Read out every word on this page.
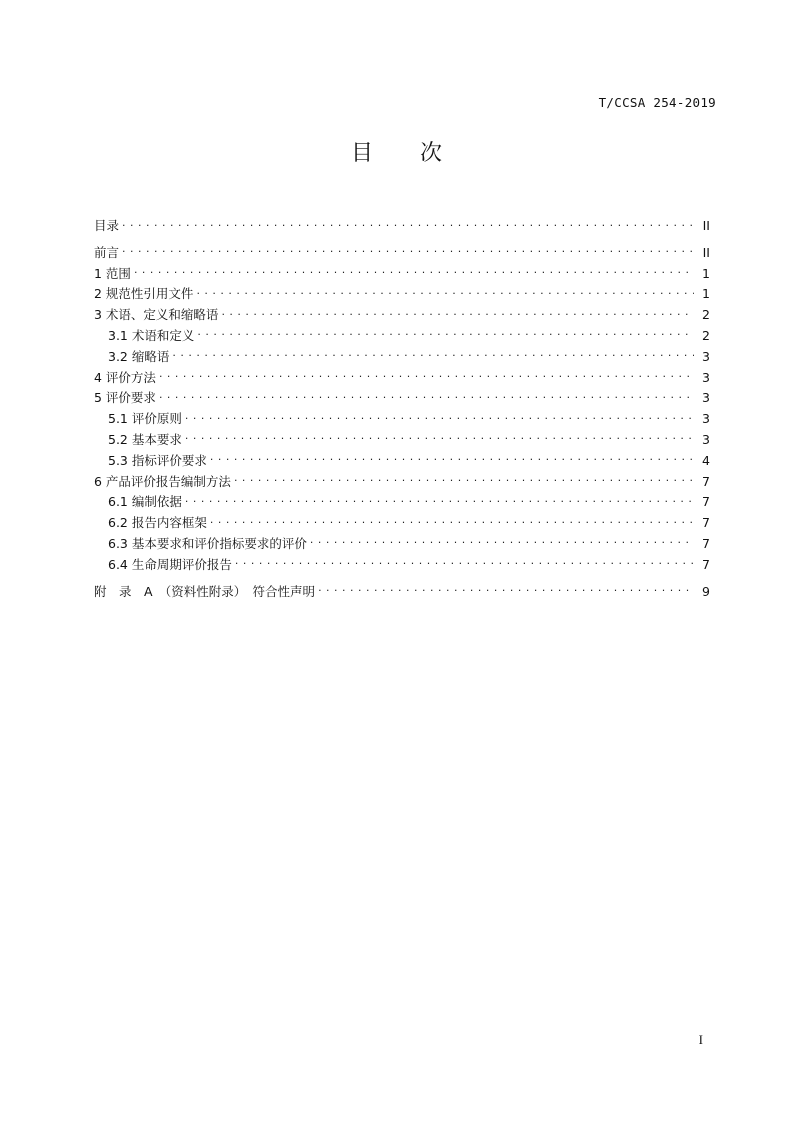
T/CCSA 254-2019
目 次
目录 . . .	II
前言 . . .	II
1 范围 . . .	1
2 规范性引用文件 . . .	1
3 术语、定义和缩略语 . . .	2
3.1 术语和定义 . . .	2
3.2 缩略语 . . .	3
4 评价方法 . . .	3
5 评价要求 . . .	3
5.1 评价原则 . . .	3
5.2 基本要求 . . .	3
5.3 指标评价要求 . . .	4
6 产品评价报告编制方法 . . .	7
6.1 编制依据 . . .	7
6.2 报告内容框架 . . .	7
6.3 基本要求和评价指标要求的评价 . . .	7
6.4 生命周期评价报告 . . .	7
附　录　A　（资料性附录）　符合性声明 . . .	9
I
